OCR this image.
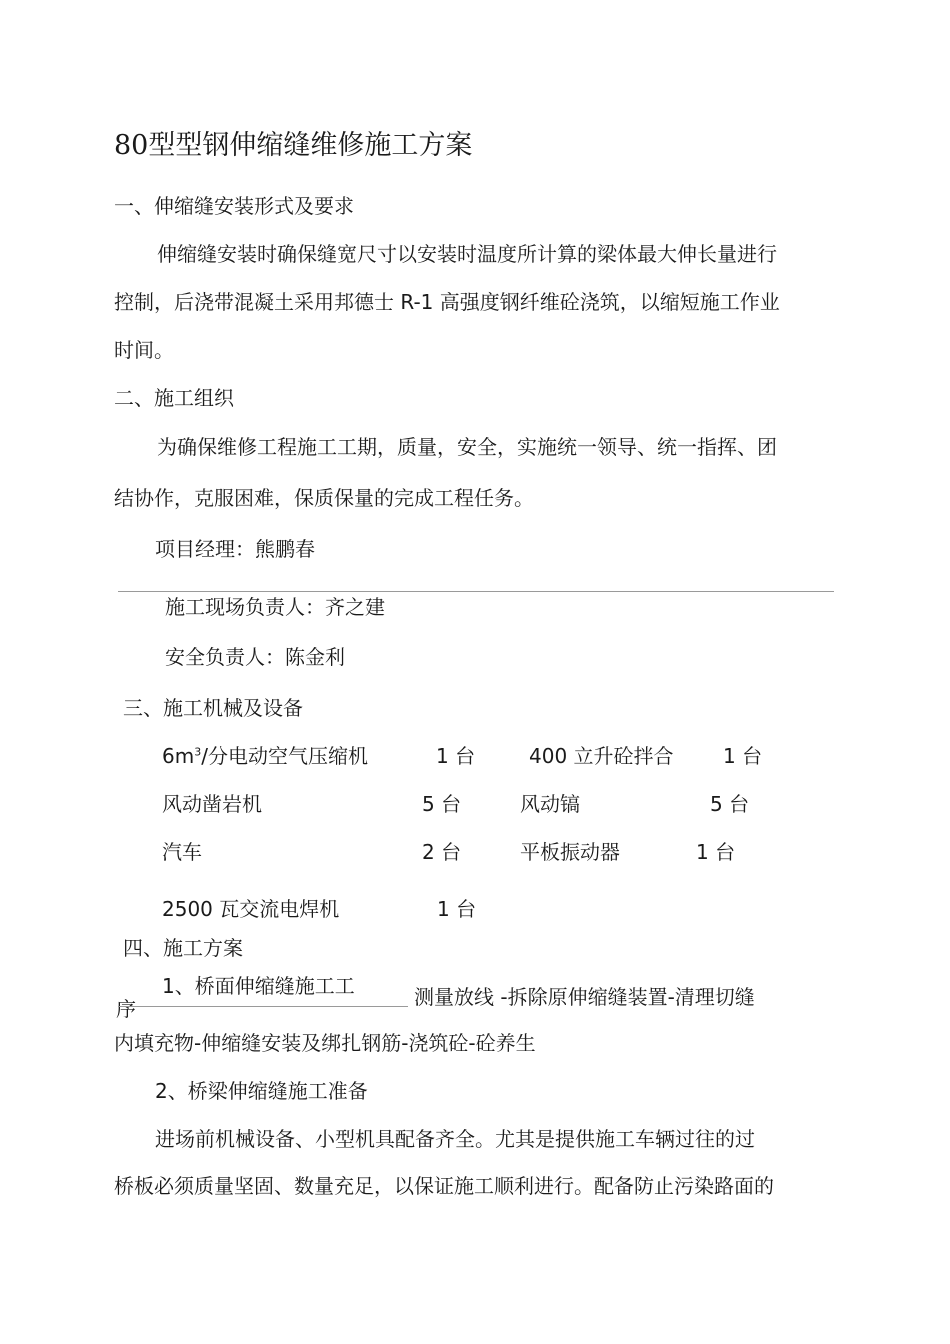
80型型钢伸缩缝维修施工方案
一、伸缩缝安装形式及要求
伸缩缝安装时确保缝宽尺寸以安装时温度所计算的梁体最大伸长量进行
控制，后浇带混凝土采用邦德士 R-1 高强度钢纤维砼浇筑，以缩短施工作业
时间。
二、施工组织
为确保维修工程施工工期，质量，安全，实施统一领导、统一指挥、团
结协作，克服困难，保质保量的完成工程任务。
项目经理：熊鹏春
施工现场负责人：齐之建
安全负责人：陈金利
三、施工机械及设备
$6m^3/$分电动空气压缩机	1 台	400 立升砼拌合 1 台
风动凿岩机	5 台	风动镐	5 台
汽车	2 台	平板振动器	1 台
2500 瓦交流电焊机	1 台
四、施工方案
1、桥面伸缩缝施工工
序	测量放线 -拆除原伸缩缝装置-清理切缝
内填充物-伸缩缝安装及绑扎钢筋-浇筑砼-砼养生
2、桥梁伸缩缝施工准备
进场前机械设备、小型机具配备齐全。尤其是提供施工车辆过往的过
桥板必须质量坚固、数量充足，以保证施工顺利进行。配备防止污染路面的
